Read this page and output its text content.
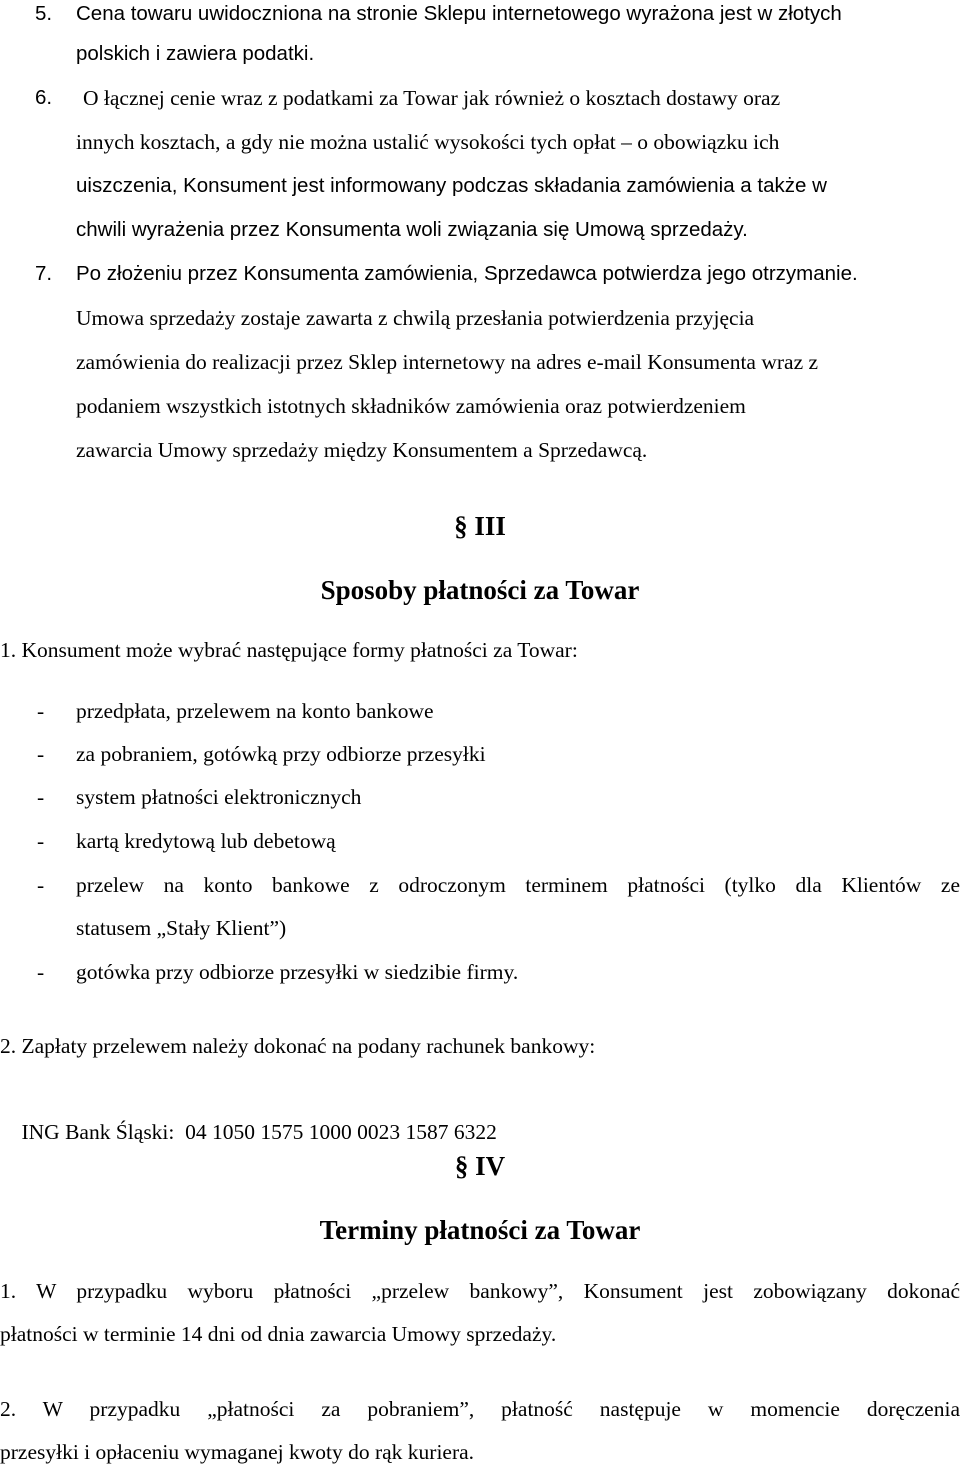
5. Cena towaru uwidoczniona na stronie Sklepu internetowego wyrażona jest w złotych
polskich i zawiera podatki.
6. O łącznej cenie wraz z podatkami za Towar jak również o kosztach dostawy oraz
innych kosztach, a gdy nie można ustalić wysokości tych opłat – o obowiązku ich
uiszczenia, Konsument jest informowany podczas składania zamówienia a także w
chwili wyrażenia przez Konsumenta woli związania się Umową sprzedaży.
7. Po złożeniu przez Konsumenta zamówienia, Sprzedawca potwierdza jego otrzymanie.
Umowa sprzedaży zostaje zawarta z chwilą przesłania potwierdzenia przyjęcia
zamówienia do realizacji przez Sklep internetowy na adres e-mail Konsumenta wraz z
podaniem wszystkich istotnych składników zamówienia oraz potwierdzeniem
zawarcia Umowy sprzedaży między Konsumentem a Sprzedawcą.
§ III
Sposoby płatności za Towar
1. Konsument może wybrać następujące formy płatności za Towar:
- przedpłata, przelewem na konto bankowe
- za pobraniem, gotówką przy odbiorze przesyłki
- system płatności elektronicznych
- kartą kredytową lub debetową
- przelew na konto bankowe z odroczonym terminem płatności (tylko dla Klientów ze
statusem „Stały Klient”)
- gotówka przy odbiorze przesyłki w siedzibie firmy.
2. Zapłaty przelewem należy dokonać na podany rachunek bankowy:

ING Bank Śląski:  04 1050 1575 1000 0023 1587 6322

§ IV
Terminy płatności za Towar
1. W przypadku wyboru płatności „przelew bankowy”, Konsument jest zobowiązany dokonać
płatności w terminie 14 dni od dnia zawarcia Umowy sprzedaży.
2. W przypadku „płatności za pobraniem”, płatność następuje w momencie doręczenia
przesyłki i opłaceniu wymaganej kwoty do rąk kuriera.
